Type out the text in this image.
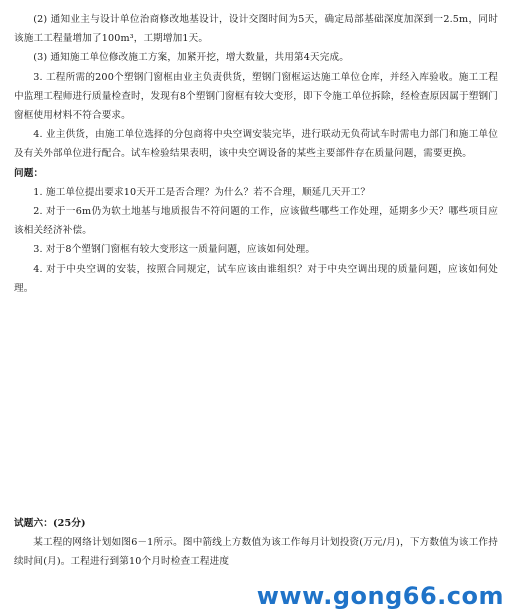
(2) 通知业主与设计单位治商修改地基设计，设计交图时间为5天，确定局部基础深度加深到一2.5m，同时该施工工程量增加了100m³，工期增加1天。

(3) 通知施工单位修改施工方案，加紧开挖，增大数量，共用第4天完成。

3. 工程所需的200个塑钢门窗框由业主负责供货，塑钢门窗框运达施工单位仓库，并经入库验收。施工工程中监理工程师进行质量检查时，发现有8个塑钢门窗框有较大变形，即下令施工单位拆除，经检查原因属于塑钢门窗框使用材料不符合要求。

4. 业主供货，由施工单位选择的分包商将中央空调安装完毕，进行联动无负荷试车时需电力部门和施工单位及有关外部单位进行配合。试车检验结果表明，该中央空调设备的某些主要部件存在质量问题，需要更换。

问题：

1. 施工单位提出要求10天开工是否合理？为什么？若不合理，顺延几天开工？

2. 对于一6m仍为软土地基与地质报告不符问题的工作，应该做些哪些工作处理，延期多少天？哪些项目应该相关经济补偿。

3. 对于8个塑钢门窗框有较大变形这一质量问题，应该如何处理。

4. 对于中央空调的安装，按照合同规定，试车应该由谁组织？对于中央空调出现的质量问题，应该如何处理。

试题六：(25分)

某工程的网络计划如图6－1所示。图中箭线上方数值为该工作每月计划投资(万元/月)，下方数值为该工作持续时间(月)。工程进行到第10个月时检查工程进度

www.gong66.com
